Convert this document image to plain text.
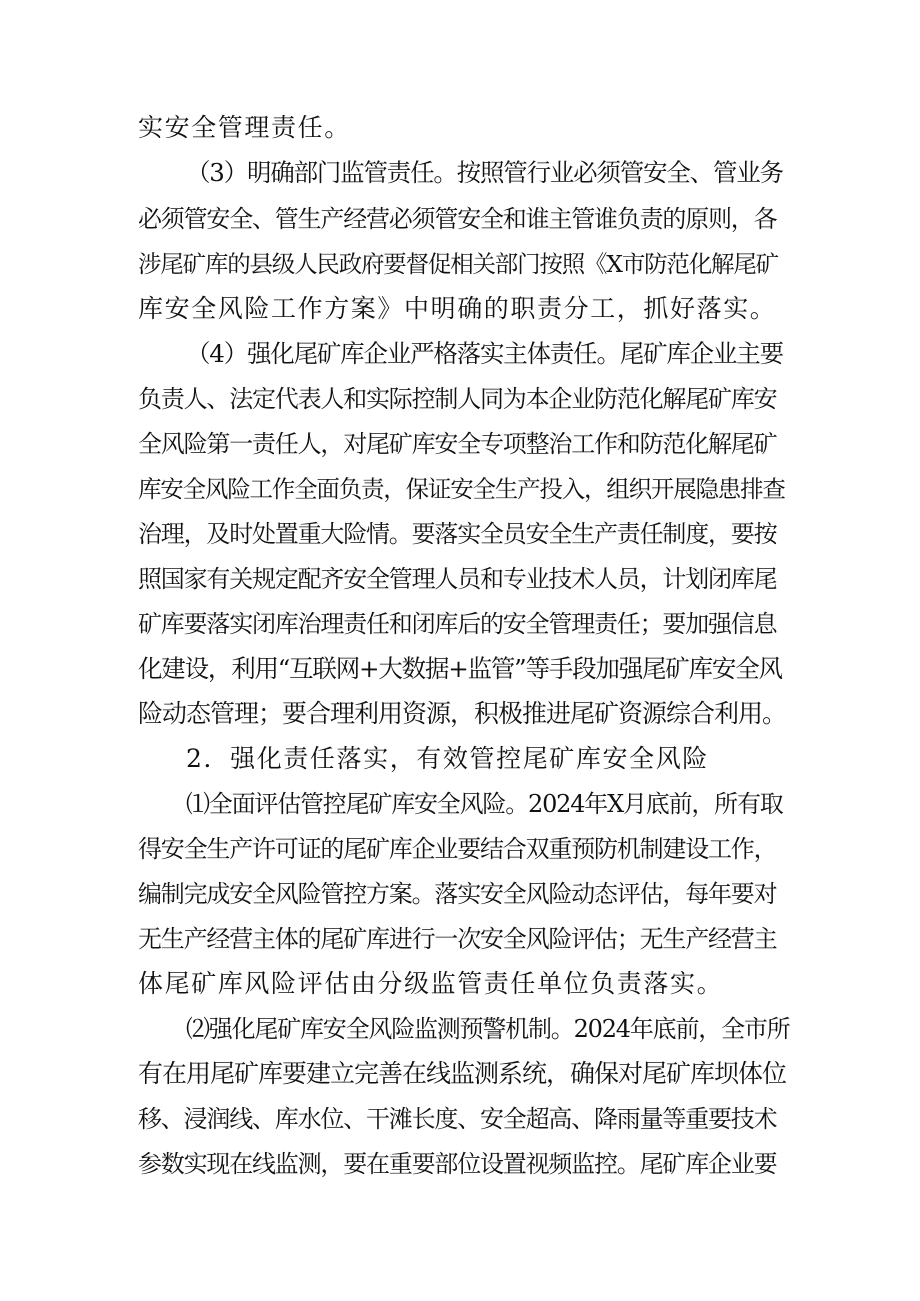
实安全管理责任。
（3）明确部门监管责任。按照管行业必须管安全、管业务
必须管安全、管生产经营必须管安全和谁主管谁负责的原则，各
涉尾矿库的县级人民政府要督促相关部门按照《X市防范化解尾矿
库安全风险工作方案》中明确的职责分工，抓好落实。
（4）强化尾矿库企业严格落实主体责任。尾矿库企业主要
负责人、法定代表人和实际控制人同为本企业防范化解尾矿库安
全风险第一责任人，对尾矿库安全专项整治工作和防范化解尾矿
库安全风险工作全面负责，保证安全生产投入，组织开展隐患排查
治理，及时处置重大险情。要落实全员安全生产责任制度，要按
照国家有关规定配齐安全管理人员和专业技术人员，计划闭库尾
矿库要落实闭库治理责任和闭库后的安全管理责任；要加强信息
化建设，利用“互联网+大数据+监管”等手段加强尾矿库安全风
险动态管理；要合理利用资源，积极推进尾矿资源综合利用。
2．强化责任落实，有效管控尾矿库安全风险
⑴全面评估管控尾矿库安全风险。2024年X月底前，所有取
得安全生产许可证的尾矿库企业要结合双重预防机制建设工作，
编制完成安全风险管控方案。落实安全风险动态评估，每年要对
无生产经营主体的尾矿库进行一次安全风险评估；无生产经营主
体尾矿库风险评估由分级监管责任单位负责落实。
⑵强化尾矿库安全风险监测预警机制。2024年底前，全市所
有在用尾矿库要建立完善在线监测系统，确保对尾矿库坝体位
移、浸润线、库水位、干滩长度、安全超高、降雨量等重要技术
参数实现在线监测，要在重要部位设置视频监控。尾矿库企业要
